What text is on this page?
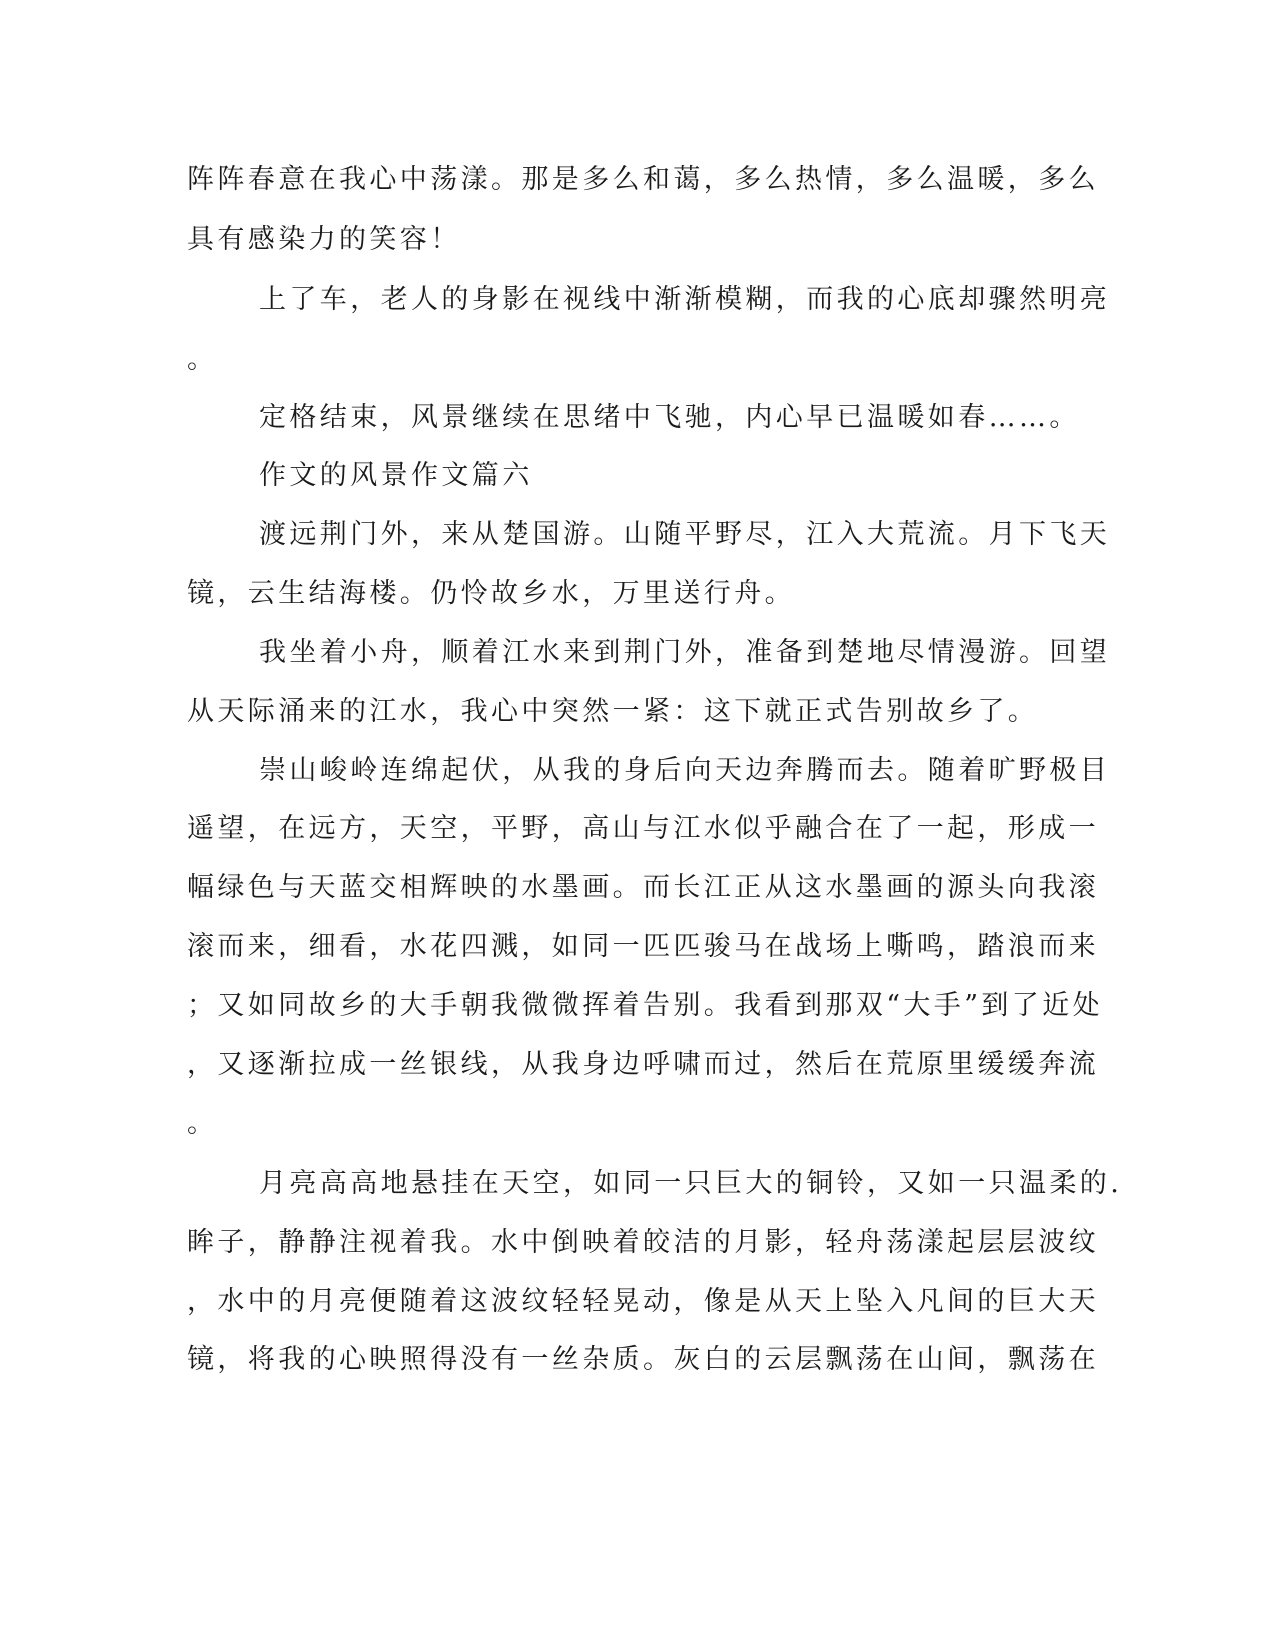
阵阵春意在我心中荡漾。那是多么和蔼，多么热情，多么温暖，多么
具有感染力的笑容！
上了车，老人的身影在视线中渐渐模糊，而我的心底却骤然明亮
。
定格结束，风景继续在思绪中飞驰，内心早已温暖如春……。
作文的风景作文篇六
渡远荆门外，来从楚国游。山随平野尽，江入大荒流。月下飞天
镜，云生结海楼。仍怜故乡水，万里送行舟。
我坐着小舟，顺着江水来到荆门外，准备到楚地尽情漫游。回望
从天际涌来的江水，我心中突然一紧：这下就正式告别故乡了。
崇山峻岭连绵起伏，从我的身后向天边奔腾而去。随着旷野极目
遥望，在远方，天空，平野，高山与江水似乎融合在了一起，形成一
幅绿色与天蓝交相辉映的水墨画。而长江正从这水墨画的源头向我滚
滚而来，细看，水花四溅，如同一匹匹骏马在战场上嘶鸣，踏浪而来
；又如同故乡的大手朝我微微挥着告别。我看到那双“大手”到了近处
，又逐渐拉成一丝银线，从我身边呼啸而过，然后在荒原里缓缓奔流
。
月亮高高地悬挂在天空，如同一只巨大的铜铃，又如一只温柔的.
眸子，静静注视着我。水中倒映着皎洁的月影，轻舟荡漾起层层波纹
，水中的月亮便随着这波纹轻轻晃动，像是从天上坠入凡间的巨大天
镜，将我的心映照得没有一丝杂质。灰白的云层飘荡在山间，飘荡在
